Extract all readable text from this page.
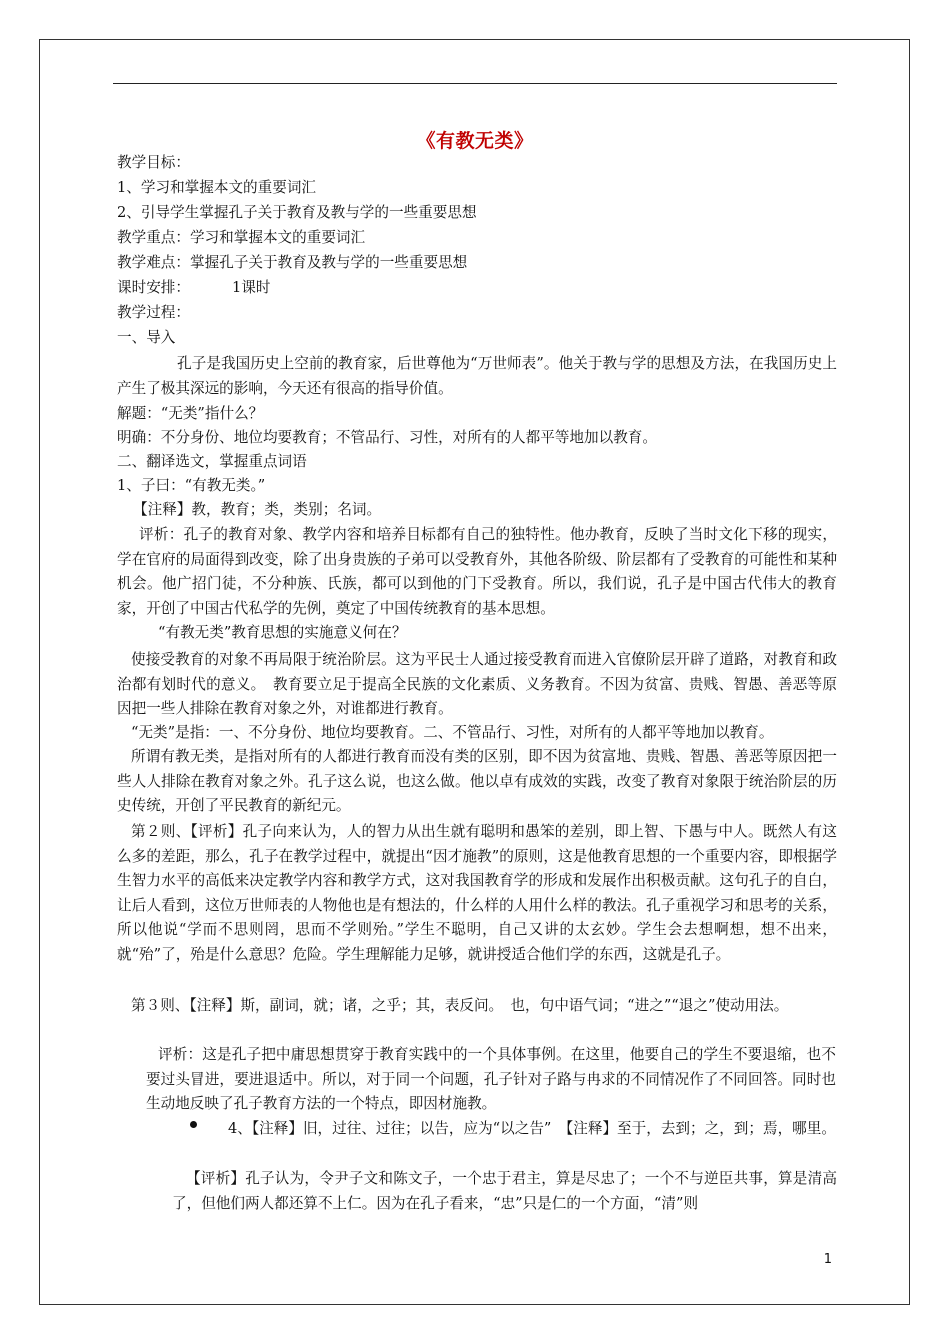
《有教无类》
教学目标：
1、学习和掌握本文的重要词汇
2、引导学生掌握孔子关于教育及教与学的一些重要思想
教学重点：学习和掌握本文的重要词汇
教学难点：掌握孔子关于教育及教与学的一些重要思想
课时安排：	1课时
教学过程：
一、导入
孔子是我国历史上空前的教育家，后世尊他为“万世师表”。他关于教与学的思想及方法，在我国历史上产生了极其深远的影响，今天还有很高的指导价值。
解题：“无类”指什么？
明确：不分身份、地位均要教育；不管品行、习性，对所有的人都平等地加以教育。
二、翻译选文，掌握重点词语
1、子曰：“有教无类。”
【注释】教，教育；类，类别；名词。
评析：孔子的教育对象、教学内容和培养目标都有自己的独特性。他办教育，反映了当时文化下移的现实，学在官府的局面得到改变，除了出身贵族的子弟可以受教育外，其他各阶级、阶层都有了受教育的可能性和某种机会。他广招门徒，不分种族、氏族，都可以到他的门下受教育。所以，我们说，孔子是中国古代伟大的教育家，开创了中国古代私学的先例，奠定了中国传统教育的基本思想。
“有教无类”教育思想的实施意义何在？
使接受教育的对象不再局限于统治阶层。这为平民士人通过接受教育而进入官僚阶层开辟了道路，对教育和政治都有划时代的意义。　教育要立足于提高全民族的文化素质、义务教育。不因为贫富、贵贱、智愚、善恶等原因把一些人排除在教育对象之外，对谁都进行教育。
“无类”是指：一、不分身份、地位均要教育。二、不管品行、习性，对所有的人都平等地加以教育。
所谓有教无类，是指对所有的人都进行教育而没有类的区别，即不因为贫富地、贵贱、智愚、善恶等原因把一些人人排除在教育对象之外。孔子这么说，也这么做。他以卓有成效的实践，改变了教育对象限于统治阶层的历史传统，开创了平民教育的新纪元。
第２则、【评析】孔子向来认为，人的智力从出生就有聪明和愚笨的差别，即上智、下愚与中人。既然人有这么多的差距，那么，孔子在教学过程中，就提出“因才施教”的原则，这是他教育思想的一个重要内容，即根据学生智力水平的高低来决定教学内容和教学方式，这对我国教育学的形成和发展作出积极贡献。这句孔子的自白，让后人看到，这位万世师表的人物他也是有想法的，什么样的人用什么样的教法。孔子重视学习和思考的关系，所以他说“学而不思则罔，思而不学则殆。”学生不聪明，自己又讲的太玄妙。学生会去想啊想，想不出来，就“殆”了，殆是什么意思？危险。学生理解能力足够，就讲授适合他们学的东西，这就是孔子。
第３则、【注释】斯，副词，就；诸，之乎；其，表反问。　也，句中语气词；“进之”“退之”使动用法。
评析：这是孔子把中庸思想贯穿于教育实践中的一个具体事例。在这里，他要自己的学生不要退缩，也不要过头冒进，要进退适中。所以，对于同一个问题，孔子针对子路与冉求的不同情况作了不同回答。同时也生动地反映了孔子教育方法的一个特点，即因材施教。
4、【注释】旧，过往、过往；以告，应为“以之告”　【注释】至于，去到；之，到；焉，哪里。
【评析】孔子认为，令尹子文和陈文子，一个忠于君主，算是尽忠了；一个不与逆臣共事，算是清高了，但他们两人都还算不上仁。因为在孔子看来，“忠”只是仁的一个方面，“清”则
1
